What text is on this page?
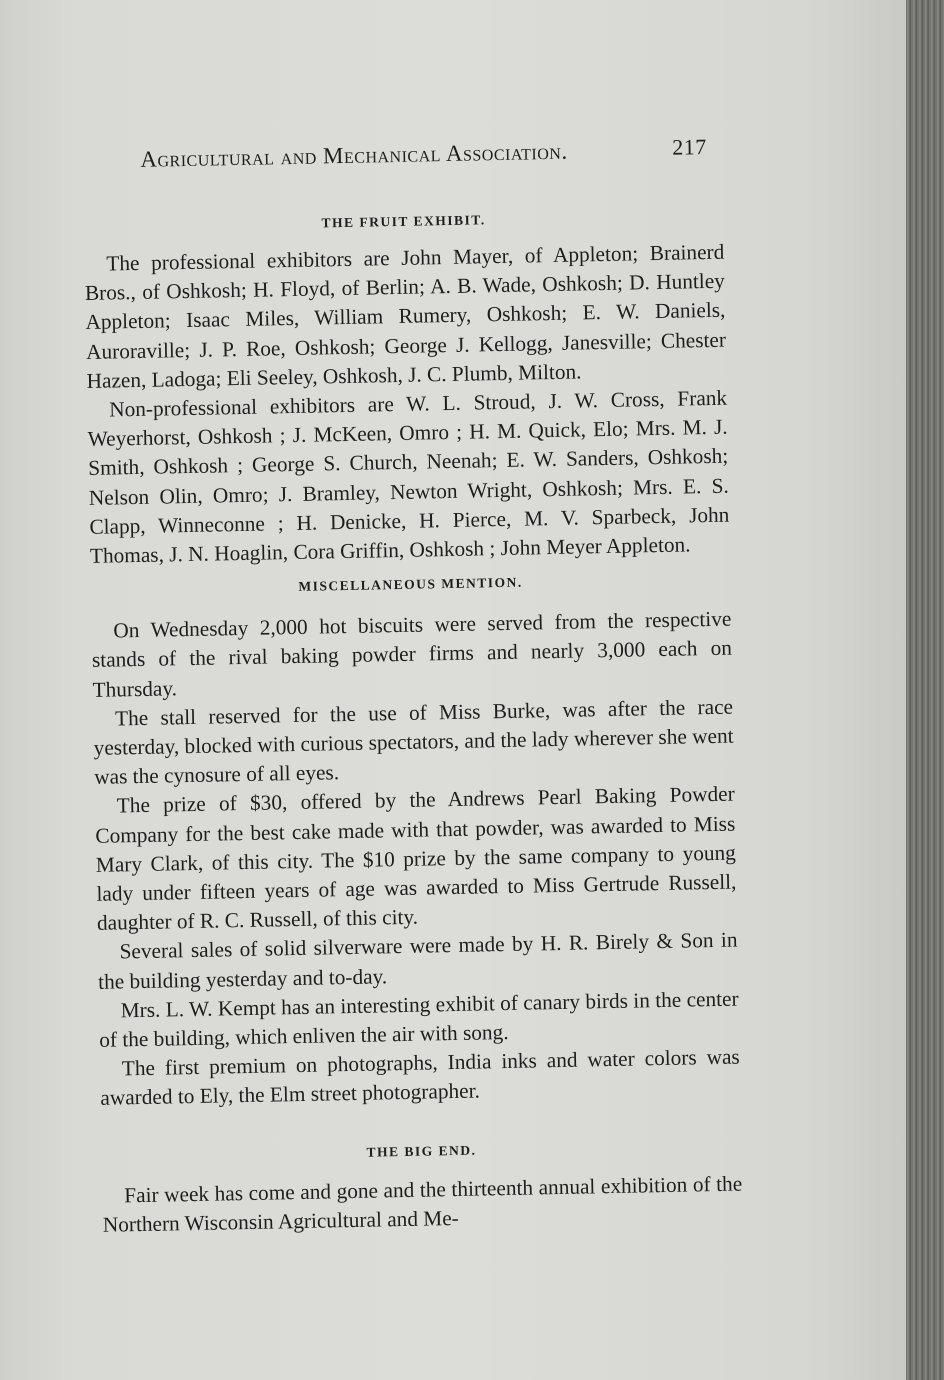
Agricultural and Mechanical Association.	217
THE FRUIT EXHIBIT.

The professional exhibitors are John Mayer, of Appleton; Brainerd Bros., of Oshkosh; H. Floyd, of Berlin; A. B. Wade, Oshkosh; D. Huntley Appleton; Isaac Miles, William Rumery, Oshkosh; E. W. Daniels, Auroraville; J. P. Roe, Oshkosh; George J. Kellogg, Janesville; Chester Hazen, Ladoga; Eli Seeley, Oshkosh, J. C. Plumb, Milton.

Non-professional exhibitors are W. L. Stroud, J. W. Cross, Frank Weyerhorst, Oshkosh ; J. McKeen, Omro ; H. M. Quick, Elo; Mrs. M. J. Smith, Oshkosh ; George S. Church, Neenah; E. W. Sanders, Oshkosh; Nelson Olin, Omro; J. Bramley, Newton Wright, Oshkosh; Mrs. E. S. Clapp, Winneconne ; H. Denicke, H. Pierce, M. V. Sparbeck, John Thomas, J. N. Hoaglin, Cora Griffin, Oshkosh ; John Meyer Appleton.

MISCELLANEOUS MENTION.

On Wednesday 2,000 hot biscuits were served from the respective stands of the rival baking powder firms and nearly 3,000 each on Thursday.

The stall reserved for the use of Miss Burke, was after the race yesterday, blocked with curious spectators, and the lady wherever she went was the cynosure of all eyes.

The prize of $30, offered by the Andrews Pearl Baking Powder Company for the best cake made with that powder, was awarded to Miss Mary Clark, of this city. The $10 prize by the same company to young lady under fifteen years of age was awarded to Miss Gertrude Russell, daughter of R. C. Russell, of this city.

Several sales of solid silverware were made by H. R. Birely & Son in the building yesterday and to-day.

Mrs. L. W. Kempt has an interesting exhibit of canary birds in the center of the building, which enliven the air with song.

The first premium on photographs, India inks and water colors was awarded to Ely, the Elm street photographer.

THE BIG END.

Fair week has come and gone and the thirteenth annual exhibition of the Northern Wisconsin Agricultural and Me-
